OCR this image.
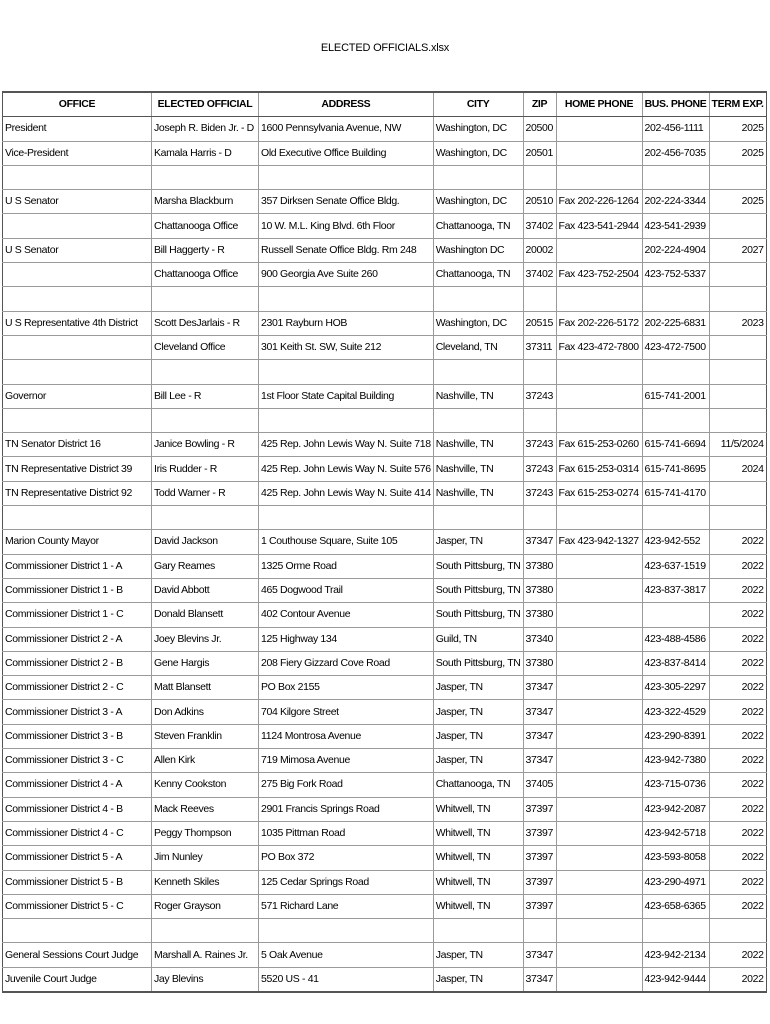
ELECTED OFFICIALS.xlsx
OFFICE	ELECTED OFFICIAL	ADDRESS	CITY	ZIP	HOME PHONE	BUS. PHONE	TERM EXP.
President	Joseph R. Biden Jr. - D	1600 Pennsylvania Avenue, NW	Washington, DC	20500		202-456-1111	2025
Vice-President	Kamala Harris - D	Old Executive Office Building	Washington, DC	20501		202-456-7035	2025

U S Senator	Marsha Blackburn	357 Dirksen Senate Office Bldg.	Washington, DC	20510	Fax 202-226-1264	202-224-3344	2025
	Chattanooga Office	10 W. M.L. King Blvd. 6th Floor	Chattanooga, TN	37402	Fax 423-541-2944	423-541-2939	
U S Senator	Bill Haggerty - R	Russell Senate Office Bldg. Rm 248	Washington DC	20002		202-224-4904	2027
	Chattanooga Office	900 Georgia Ave Suite 260	Chattanooga, TN	37402	Fax 423-752-2504	423-752-5337	

U S Representative 4th District	Scott DesJarlais - R	2301 Rayburn HOB	Washington, DC	20515	Fax 202-226-5172	202-225-6831	2023
	Cleveland Office	301 Keith St. SW, Suite 212	Cleveland, TN	37311	Fax 423-472-7800	423-472-7500	

Governor	Bill Lee - R	1st Floor State Capital Building	Nashville, TN	37243		615-741-2001	

TN Senator District 16	Janice Bowling - R	425 Rep. John Lewis Way N. Suite 718	Nashville, TN	37243	Fax 615-253-0260	615-741-6694	11/5/2024
TN Representative District 39	Iris Rudder - R	425 Rep. John Lewis Way N. Suite 576	Nashville, TN	37243	Fax 615-253-0314	615-741-8695	2024
TN Representative District 92	Todd Warner - R	425 Rep. John Lewis Way N. Suite 414	Nashville, TN	37243	Fax 615-253-0274	615-741-4170	

Marion County Mayor	David Jackson	1 Couthouse Square, Suite 105	Jasper, TN	37347	Fax 423-942-1327	423-942-552	2022
Commissioner District 1 - A	Gary Reames	1325 Orme Road	South Pittsburg, TN	37380		423-637-1519	2022
Commissioner District 1 - B	David Abbott	465 Dogwood Trail	South Pittsburg, TN	37380		423-837-3817	2022
Commissioner District 1 - C	Donald Blansett	402 Contour Avenue	South Pittsburg, TN	37380			2022
Commissioner District 2 - A	Joey Blevins Jr.	125 Highway 134	Guild, TN	37340		423-488-4586	2022
Commissioner District 2 - B	Gene Hargis	208 Fiery Gizzard Cove Road	South Pittsburg, TN	37380		423-837-8414	2022
Commissioner District 2 - C	Matt Blansett	PO Box 2155	Jasper, TN	37347		423-305-2297	2022
Commissioner District 3 - A	Don Adkins	704 Kilgore Street	Jasper, TN	37347		423-322-4529	2022
Commissioner District 3 - B	Steven Franklin	1124 Montrosa Avenue	Jasper, TN	37347		423-290-8391	2022
Commissioner District 3 - C	Allen Kirk	719 Mimosa Avenue	Jasper, TN	37347		423-942-7380	2022
Commissioner District 4 - A	Kenny Cookston	275 Big Fork Road	Chattanooga, TN	37405		423-715-0736	2022
Commissioner District 4 - B	Mack Reeves	2901 Francis Springs Road	Whitwell, TN	37397		423-942-2087	2022
Commissioner District 4 - C	Peggy Thompson	1035 Pittman Road	Whitwell, TN	37397		423-942-5718	2022
Commissioner District 5 - A	Jim Nunley	PO Box 372	Whitwell, TN	37397		423-593-8058	2022
Commissioner District 5 - B	Kenneth Skiles	125 Cedar Springs Road	Whitwell, TN	37397		423-290-4971	2022
Commissioner District 5 - C	Roger Grayson	571 Richard Lane	Whitwell, TN	37397		423-658-6365	2022

General Sessions Court Judge	Marshall A. Raines Jr.	5 Oak Avenue	Jasper, TN	37347		423-942-2134	2022
Juvenile Court Judge	Jay Blevins	5520 US - 41	Jasper, TN	37347		423-942-9444	2022
